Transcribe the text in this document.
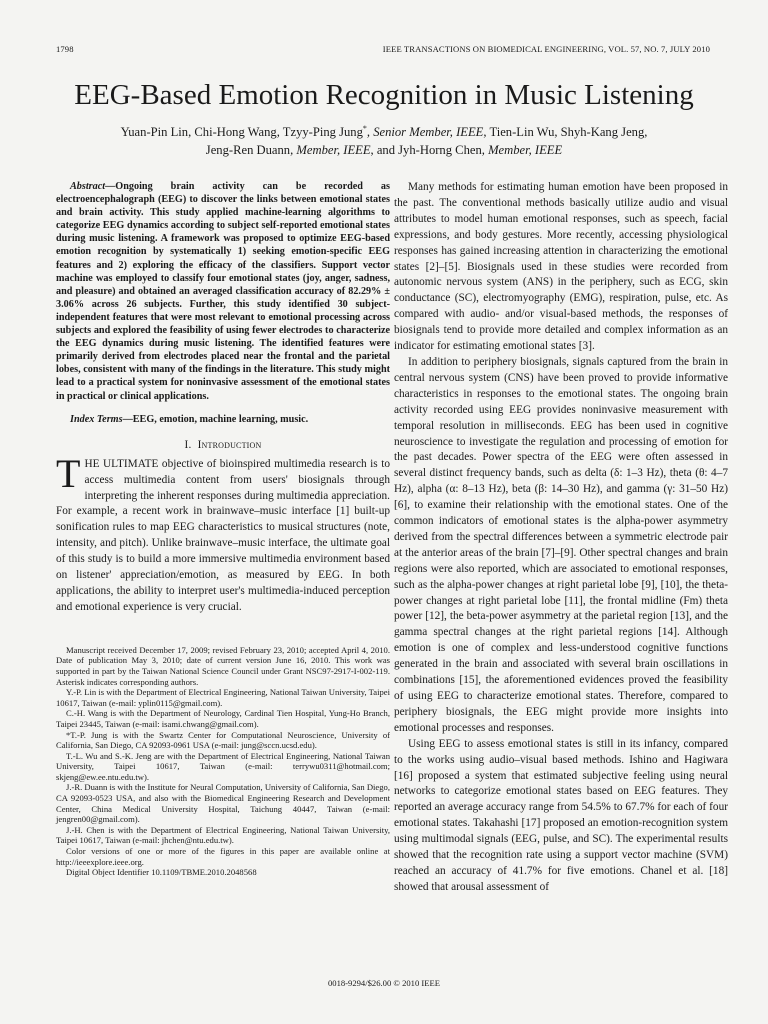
1798	IEEE TRANSACTIONS ON BIOMEDICAL ENGINEERING, VOL. 57, NO. 7, JULY 2010
EEG-Based Emotion Recognition in Music Listening
Yuan-Pin Lin, Chi-Hong Wang, Tzyy-Ping Jung*, Senior Member, IEEE, Tien-Lin Wu, Shyh-Kang Jeng,
Jeng-Ren Duann, Member, IEEE, and Jyh-Horng Chen, Member, IEEE

Abstract—Ongoing brain activity can be recorded as electroencephalograph (EEG) to discover the links between emotional states and brain activity. This study applied machine-learning algorithms to categorize EEG dynamics according to subject self-reported emotional states during music listening. A framework was proposed to optimize EEG-based emotion recognition by systematically 1) seeking emotion-specific EEG features and 2) exploring the efficacy of the classifiers. Support vector machine was employed to classify four emotional states (joy, anger, sadness, and pleasure) and obtained an averaged classification accuracy of 82.29% ± 3.06% across 26 subjects. Further, this study identified 30 subject-independent features that were most relevant to emotional processing across subjects and explored the feasibility of using fewer electrodes to characterize the EEG dynamics during music listening. The identified features were primarily derived from electrodes placed near the frontal and the parietal lobes, consistent with many of the findings in the literature. This study might lead to a practical system for noninvasive assessment of the emotional states in practical or clinical applications.

Index Terms—EEG, emotion, machine learning, music.

I. Introduction

THE ULTIMATE objective of bioinspired multimedia research is to access multimedia content from users' biosignals through interpreting the inherent responses during multimedia appreciation. For example, a recent work in brainwave–music interface [1] built-up sonification rules to map EEG characteristics to musical structures (note, intensity, and pitch). Unlike brainwave–music interface, the ultimate goal of this study is to build a more immersive multimedia environment based on listener' appreciation/emotion, as measured by EEG. In both applications, the ability to interpret user's multimedia-induced perception and emotional experience is very crucial.

Manuscript received December 17, 2009; revised February 23, 2010; accepted April 4, 2010. Date of publication May 3, 2010; date of current version June 16, 2010. This work was supported in part by the Taiwan National Science Council under Grant NSC97-2917-I-002-119. Asterisk indicates corresponding authors.

Y.-P. Lin is with the Department of Electrical Engineering, National Taiwan University, Taipei 10617, Taiwan (e-mail: yplin0115@gmail.com).

C.-H. Wang is with the Department of Neurology, Cardinal Tien Hospital, Yung-Ho Branch, Taipei 23445, Taiwan (e-mail: isami.chwang@gmail.com).

*T.-P. Jung is with the Swartz Center for Computational Neuroscience, University of California, San Diego, CA 92093-0961 USA (e-mail: jung@sccn.ucsd.edu).

T.-L. Wu and S.-K. Jeng are with the Department of Electrical Engineering, National Taiwan University, Taipei 10617, Taiwan (e-mail: terrywu0311@hotmail.com; skjeng@ew.ee.ntu.edu.tw).

J.-R. Duann is with the Institute for Neural Computation, University of California, San Diego, CA 92093-0523 USA, and also with the Biomedical Engineering Research and Development Center, China Medical University Hospital, Taichung 40447, Taiwan (e-mail: jengren00@gmail.com).

J.-H. Chen is with the Department of Electrical Engineering, National Taiwan University, Taipei 10617, Taiwan (e-mail: jhchen@ntu.edu.tw).

Color versions of one or more of the figures in this paper are available online at http://ieeexplore.ieee.org.

Digital Object Identifier 10.1109/TBME.2010.2048568

Many methods for estimating human emotion have been proposed in the past. The conventional methods basically utilize audio and visual attributes to model human emotional responses, such as speech, facial expressions, and body gestures. More recently, accessing physiological responses has gained increasing attention in characterizing the emotional states [2]–[5]. Biosignals used in these studies were recorded from autonomic nervous system (ANS) in the periphery, such as ECG, skin conductance (SC), electromyography (EMG), respiration, pulse, etc. As compared with audio- and/or visual-based methods, the responses of biosignals tend to provide more detailed and complex information as an indicator for estimating emotional states [3].

In addition to periphery biosignals, signals captured from the brain in central nervous system (CNS) have been proved to provide informative characteristics in responses to the emotional states. The ongoing brain activity recorded using EEG provides noninvasive measurement with temporal resolution in milliseconds. EEG has been used in cognitive neuroscience to investigate the regulation and processing of emotion for the past decades. Power spectra of the EEG were often assessed in several distinct frequency bands, such as delta (δ: 1–3 Hz), theta (θ: 4–7 Hz), alpha (α: 8–13 Hz), beta (β: 14–30 Hz), and gamma (γ: 31–50 Hz) [6], to examine their relationship with the emotional states. One of the common indicators of emotional states is the alpha-power asymmetry derived from the spectral differences between a symmetric electrode pair at the anterior areas of the brain [7]–[9]. Other spectral changes and brain regions were also reported, which are associated to emotional responses, such as the alpha-power changes at right parietal lobe [9], [10], the theta-power changes at right parietal lobe [11], the frontal midline (Fm) theta power [12], the beta-power asymmetry at the parietal region [13], and the gamma spectral changes at the right parietal regions [14]. Although emotion is one of complex and less-understood cognitive functions generated in the brain and associated with several brain oscillations in combinations [15], the aforementioned evidences proved the feasibility of using EEG to characterize emotional states. Therefore, compared to periphery biosignals, the EEG might provide more insights into emotional processes and responses.

Using EEG to assess emotional states is still in its infancy, compared to the works using audio–visual based methods. Ishino and Hagiwara [16] proposed a system that estimated subjective feeling using neural networks to categorize emotional states based on EEG features. They reported an average accuracy range from 54.5% to 67.7% for each of four emotional states. Takahashi [17] proposed an emotion-recognition system using multimodal signals (EEG, pulse, and SC). The experimental results showed that the recognition rate using a support vector machine (SVM) reached an accuracy of 41.7% for five emotions. Chanel et al. [18] showed that arousal assessment of

0018-9294/$26.00 © 2010 IEEE
